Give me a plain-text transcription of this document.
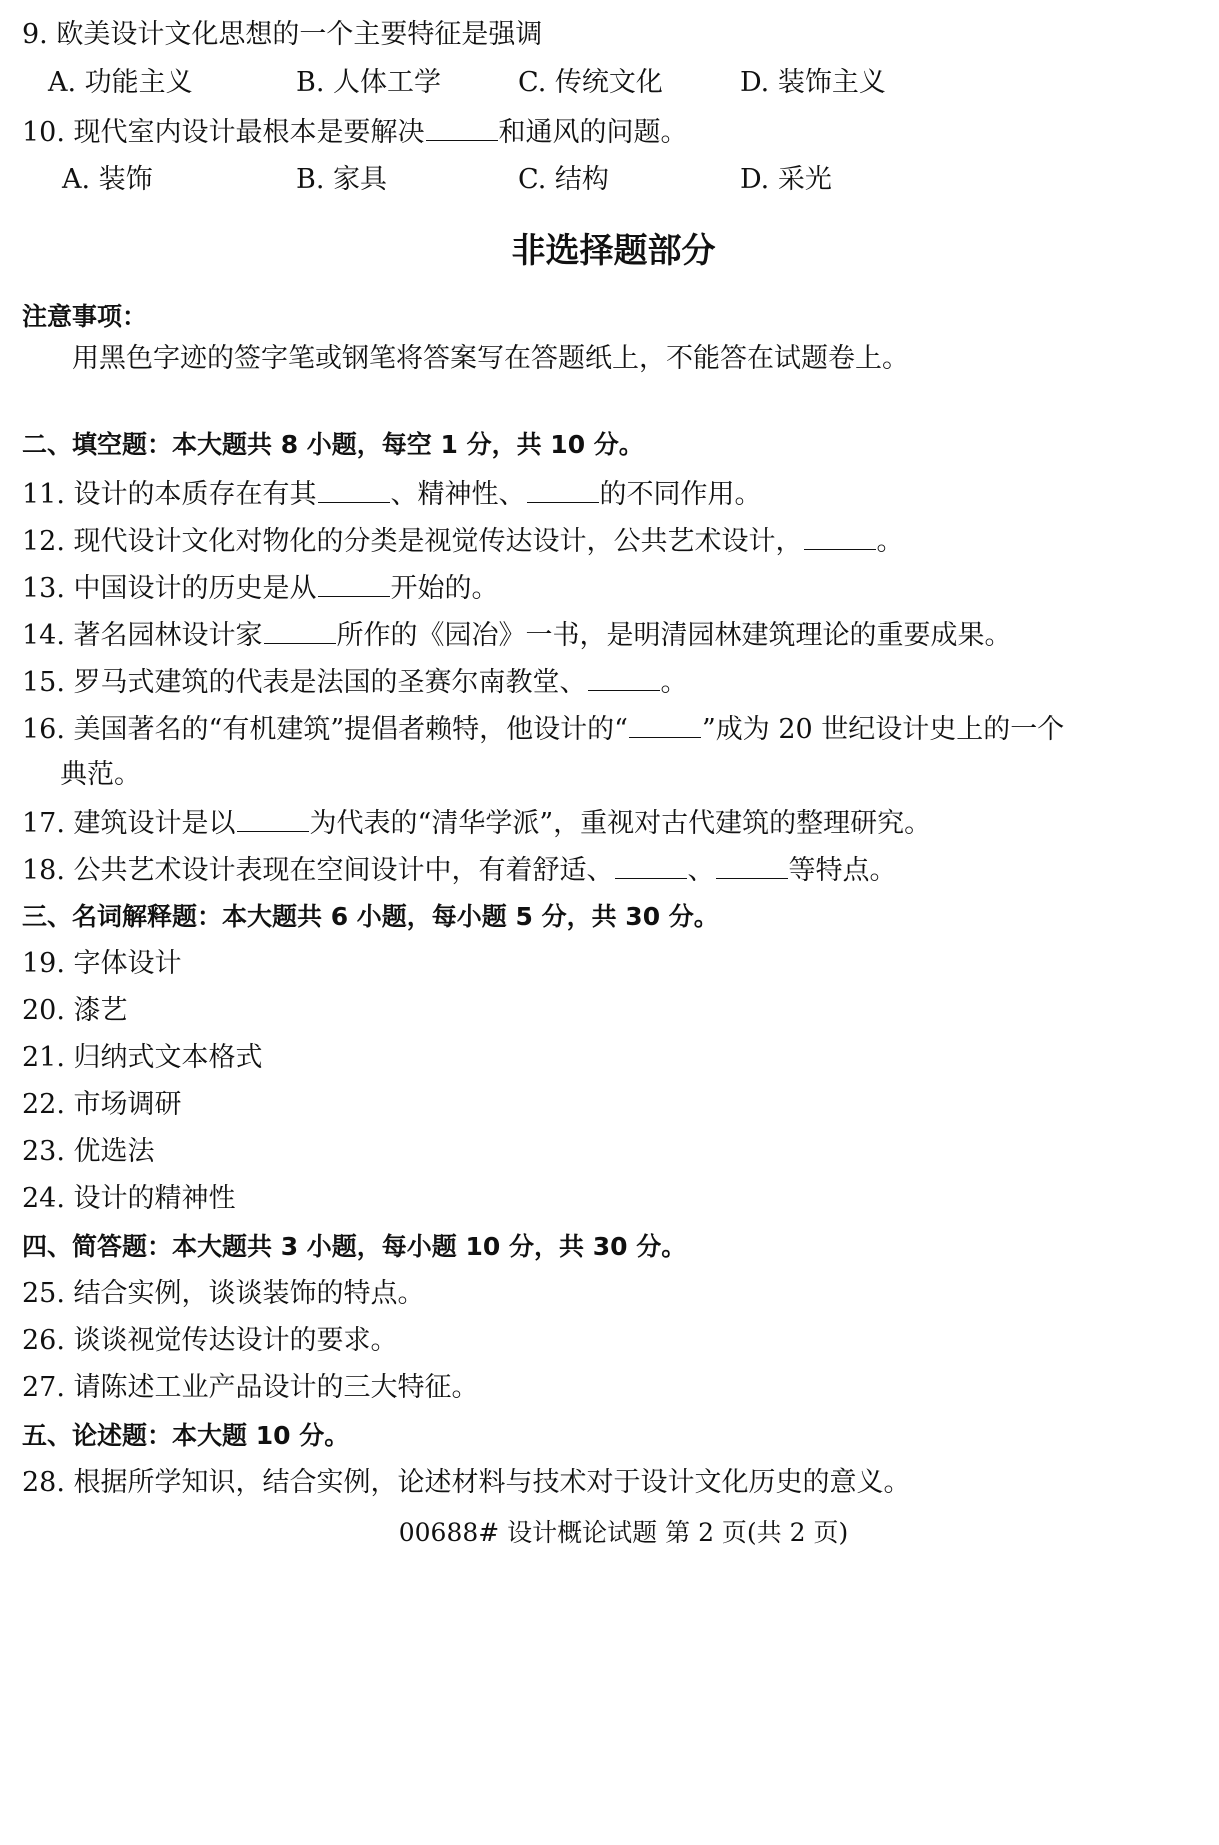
9. 欧美设计文化思想的一个主要特征是强调

A. 功能主义	B. 人体工学	C. 传统文化	D. 装饰主义

10. 现代室内设计最根本是要解决	和通风的问题。

A. 装饰	B. 家具	C. 结构	D. 采光

非选择题部分

注意事项：

用黑色字迹的签字笔或钢笔将答案写在答题纸上，不能答在试题卷上。

二、填空题：本大题共 8 小题，每空 1 分，共 10 分。

11. 设计的本质存在有其	、精神性、	的不同作用。

12. 现代设计文化对物化的分类是视觉传达设计，公共艺术设计，	。

13. 中国设计的历史是从	开始的。

14. 著名园林设计家	所作的《园冶》一书，是明清园林建筑理论的重要成果。

15. 罗马式建筑的代表是法国的圣赛尔南教堂、	。

16. 美国著名的“有机建筑”提倡者赖特，他设计的“	”成为 20 世纪设计史上的一个

典范。

17. 建筑设计是以	为代表的“清华学派”，重视对古代建筑的整理研究。

18. 公共艺术设计表现在空间设计中，有着舒适、	、	等特点。

三、名词解释题：本大题共 6 小题，每小题 5 分，共 30 分。

19. 字体设计

20. 漆艺

21. 归纳式文本格式

22. 市场调研

23. 优选法

24. 设计的精神性

四、简答题：本大题共 3 小题，每小题 10 分，共 30 分。

25. 结合实例，谈谈装饰的特点。

26. 谈谈视觉传达设计的要求。

27. 请陈述工业产品设计的三大特征。

五、论述题：本大题 10 分。

28. 根据所学知识，结合实例，论述材料与技术对于设计文化历史的意义。

00688# 设计概论试题 第 2 页(共 2 页)
